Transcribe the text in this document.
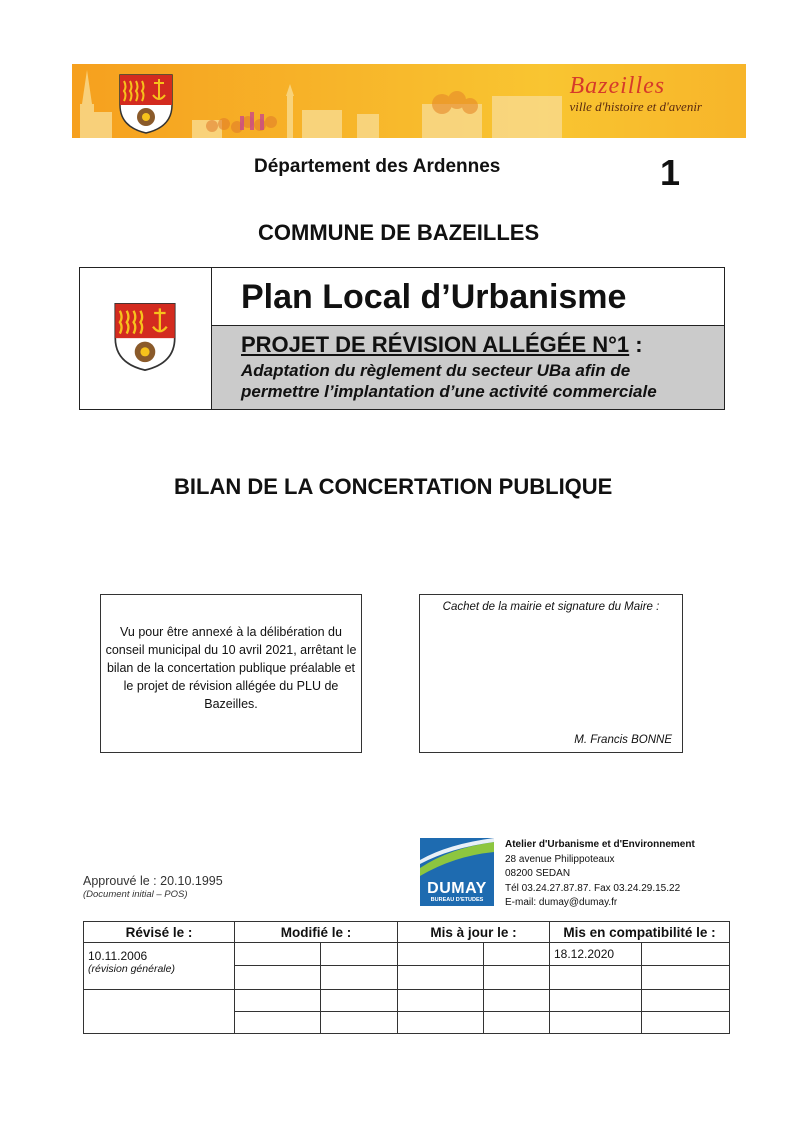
Bazeilles
ville d'histoire et d'avenir
Département des Ardennes	1
COMMUNE DE BAZEILLES
Plan Local d’Urbanisme
PROJET DE RÉVISION ALLÉGÉE N°1 :
Adaptation du règlement du secteur UBa afin de permettre l’implantation d’une activité commerciale
BILAN DE LA CONCERTATION PUBLIQUE
Vu pour être annexé à la délibération du conseil municipal du 10 avril 2021, arrêtant le bilan de la concertation publique préalable et le projet de révision allégée du PLU de Bazeilles.
Cachet de la mairie et signature du Maire :
M. Francis BONNE
DUMAY
BUREAU D'ETUDES
Atelier d'Urbanisme et d'Environnement
28 avenue Philippoteaux
08200 SEDAN
Tél 03.24.27.87.87. Fax 03.24.29.15.22
E-mail: dumay@dumay.fr
Approuvé le : 20.10.1995
(Document initial – POS)
Révisé le :	Modifié le :		Mis à jour le :		Mis en compatibilité le :	

10.11.2006
(révision générale)					18.12.2020	
